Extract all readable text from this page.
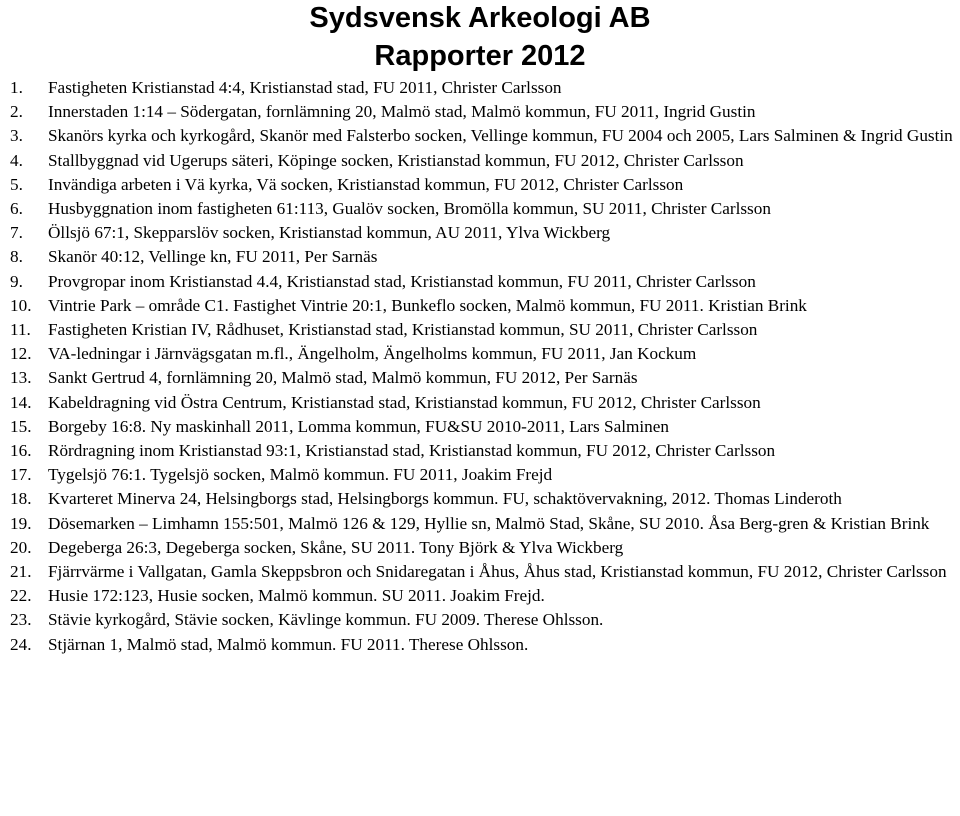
Sydsvensk Arkeologi AB
Rapporter 2012
1. Fastigheten Kristianstad 4:4, Kristianstad stad, FU 2011, Christer Carlsson
2. Innerstaden 1:14 – Södergatan, fornlämning 20, Malmö stad, Malmö kommun, FU 2011, Ingrid Gustin
3. Skanörs kyrka och kyrkogård, Skanör med Falsterbo socken, Vellinge kommun, FU 2004 och 2005, Lars Salminen & Ingrid Gustin
4. Stallbyggnad vid Ugerups säteri, Köpinge socken, Kristianstad kommun, FU 2012, Christer Carlsson
5. Invändiga arbeten i Vä kyrka, Vä socken, Kristianstad kommun, FU 2012, Christer Carlsson
6. Husbyggnation inom fastigheten 61:113, Gualöv socken, Bromölla kommun, SU 2011, Christer Carlsson
7. Öllsjö 67:1, Skepparslöv socken, Kristianstad kommun, AU 2011, Ylva Wickberg
8. Skanör 40:12, Vellinge kn, FU 2011, Per Sarnäs
9. Provgropar inom Kristianstad 4.4, Kristianstad stad, Kristianstad kommun, FU 2011, Christer Carlsson
10. Vintrie Park – område C1. Fastighet Vintrie 20:1, Bunkeflo socken, Malmö kommun, FU 2011. Kristian Brink
11. Fastigheten Kristian IV, Rådhuset, Kristianstad stad, Kristianstad kommun, SU 2011, Christer Carlsson
12. VA-ledningar i Järnvägsgatan m.fl., Ängelholm, Ängelholms kommun, FU 2011, Jan Kockum
13. Sankt Gertrud 4, fornlämning 20, Malmö stad, Malmö kommun, FU 2012, Per Sarnäs
14. Kabeldragning vid Östra Centrum, Kristianstad stad, Kristianstad kommun, FU 2012, Christer Carlsson
15. Borgeby 16:8. Ny maskinhall 2011, Lomma kommun, FU&SU 2010-2011, Lars Salminen
16. Rördragning inom Kristianstad 93:1, Kristianstad stad, Kristianstad kommun, FU 2012, Christer Carlsson
17. Tygelsjö 76:1. Tygelsjö socken, Malmö kommun. FU 2011, Joakim Frejd
18. Kvarteret Minerva 24, Helsingborgs stad, Helsingborgs kommun. FU, schaktövervakning, 2012. Thomas Linderoth
19. Dösemarken – Limhamn 155:501, Malmö 126 & 129, Hyllie sn, Malmö Stad, Skåne, SU 2010. Åsa Berg-gren & Kristian Brink
20. Degeberga 26:3, Degeberga socken, Skåne, SU 2011. Tony Björk & Ylva Wickberg
21. Fjärrvärme i Vallgatan, Gamla Skeppsbron och Snidaregatan i Åhus, Åhus stad, Kristianstad kommun, FU 2012, Christer Carlsson
22. Husie 172:123, Husie socken, Malmö kommun. SU 2011. Joakim Frejd.
23. Stävie kyrkogård, Stävie socken, Kävlinge kommun. FU 2009. Therese Ohlsson.
24. Stjärnan 1, Malmö stad, Malmö kommun. FU 2011. Therese Ohlsson.
